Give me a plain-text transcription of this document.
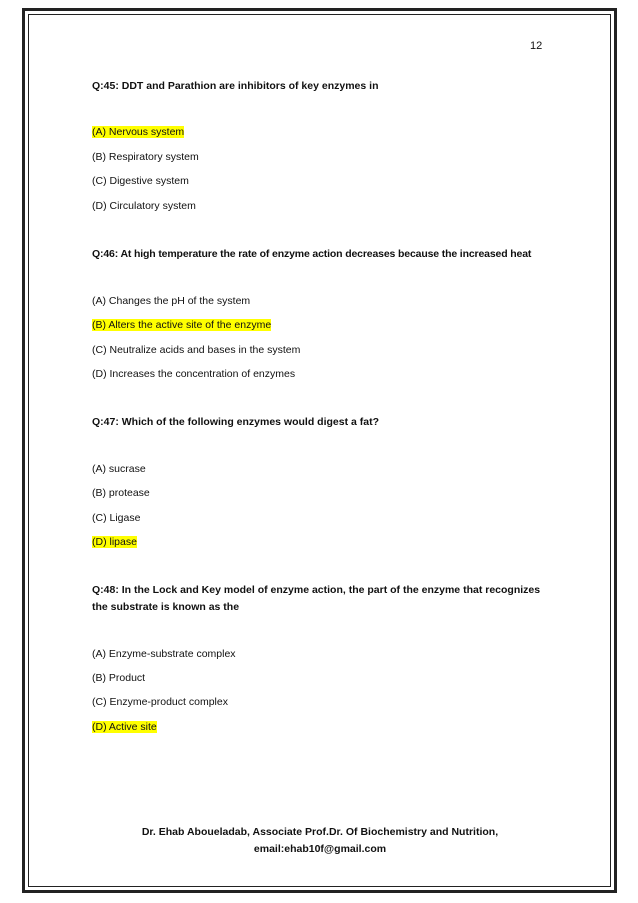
12
Q:45: DDT and Parathion are inhibitors of key enzymes in
(A) Nervous system
(B) Respiratory system
(C) Digestive system
(D) Circulatory system
Q:46: At high temperature the rate of enzyme action decreases because the increased heat
(A) Changes the pH of the system
(B) Alters the active site of the enzyme
(C) Neutralize acids and bases in the system
(D) Increases the concentration of enzymes
Q:47: Which of the following enzymes would digest a fat?
(A) sucrase
(B) protease
(C) Ligase
(D) lipase
Q:48: In the Lock and Key model of enzyme action, the part of the enzyme that recognizes the substrate is known as the
(A) Enzyme-substrate complex
(B) Product
(C) Enzyme-product complex
(D) Active site
Dr. Ehab Aboueladab, Associate Prof.Dr. Of Biochemistry and Nutrition,
email:ehab10f@gmail.com
